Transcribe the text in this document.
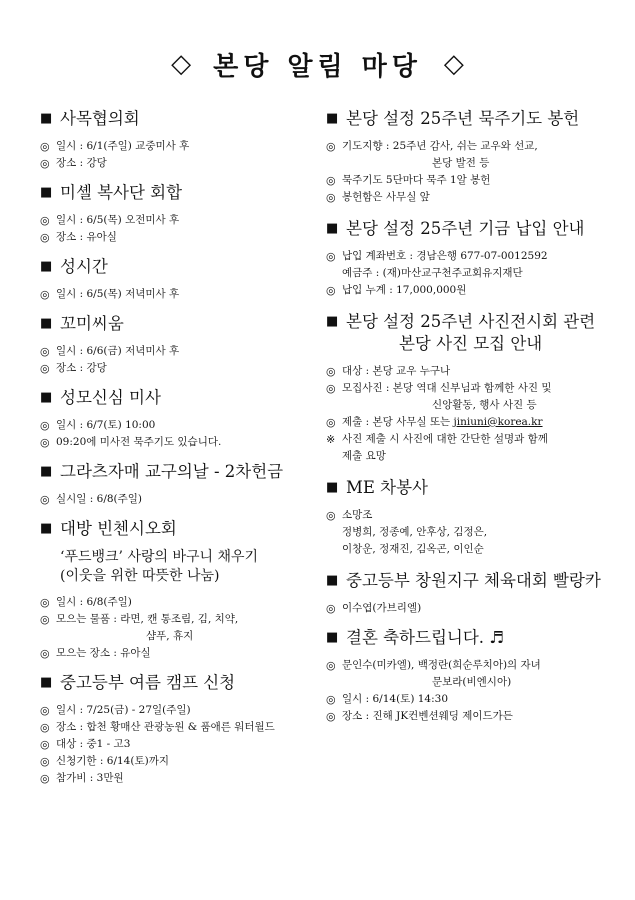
◇ 본당 알림 마당 ◇
■ 사목협의회
◎ 일시 : 6/1(주일) 교중미사 후
◎ 장소 : 강당
■ 미셸 복사단 회합
◎ 일시 : 6/5(목) 오전미사 후
◎ 장소 : 유아실
■ 성시간
◎ 일시 : 6/5(목) 저녁미사 후
■ 꼬미씨움
◎ 일시 : 6/6(금) 저녁미사 후
◎ 장소 : 강당
■ 성모신심 미사
◎ 일시 : 6/7(토) 10:00
◎ 09:20에 미사전 묵주기도 있습니다.
■ 그라츠자매 교구의날 - 2차헌금
◎ 실시일 : 6/8(주일)
■ 대방 빈첸시오회
‘푸드뱅크’ 사랑의 바구니 채우기
(이웃을 위한 따뜻한 나눔)
◎ 일시 : 6/8(주일)
◎ 모으는 물품 : 라면, 캔 통조림, 김, 치약,
샴푸, 휴지
◎ 모으는 장소 : 유아실
■ 중고등부 여름 캠프 신청
◎ 일시 : 7/25(금) - 27일(주일)
◎ 장소 : 합천 황매산 관광농원 & 품애른 워터월드
◎ 대상 : 중1 - 고3
◎ 신청기한 : 6/14(토)까지
◎ 참가비 : 3만원
■ 본당 설정 25주년 묵주기도 봉헌
◎ 기도지향 : 25주년 감사, 쉬는 교우와 선교,
본당 발전 등
◎ 묵주기도 5단마다 묵주 1알 봉헌
◎ 봉헌함은 사무실 앞
■ 본당 설정 25주년 기금 납입 안내
◎ 납입 계좌번호 : 경남은행 677-07-0012592
예금주 : (재)마산교구천주교회유지재단
◎ 납입 누계 : 17,000,000원
■ 본당 설정 25주년 사진전시회 관련
본당 사진 모집 안내
◎ 대상 : 본당 교우 누구나
◎ 모집사진 : 본당 역대 신부님과 함께한 사진 및
신앙활동, 행사 사진 등
◎ 제출 : 본당 사무실 또는 jiniuni@korea.kr
※ 사진 제출 시 사진에 대한 간단한 설명과 함께
제출 요망
■ ME 차봉사
◎ 소망조
정병희, 정종예, 안후상, 김정은,
이창운, 정재진, 김옥곤, 이인순
■ 중고등부 창원지구 체육대회 빨랑카
◎ 이수엽(가브리엘)
■ 결혼 축하드립니다. ♬
◎ 문인수(미카엘), 백정란(희순루치아)의 자녀
문보라(비엔시아)
◎ 일시 : 6/14(토) 14:30
◎ 장소 : 진해 JK컨벤션웨딩 제이드가든
